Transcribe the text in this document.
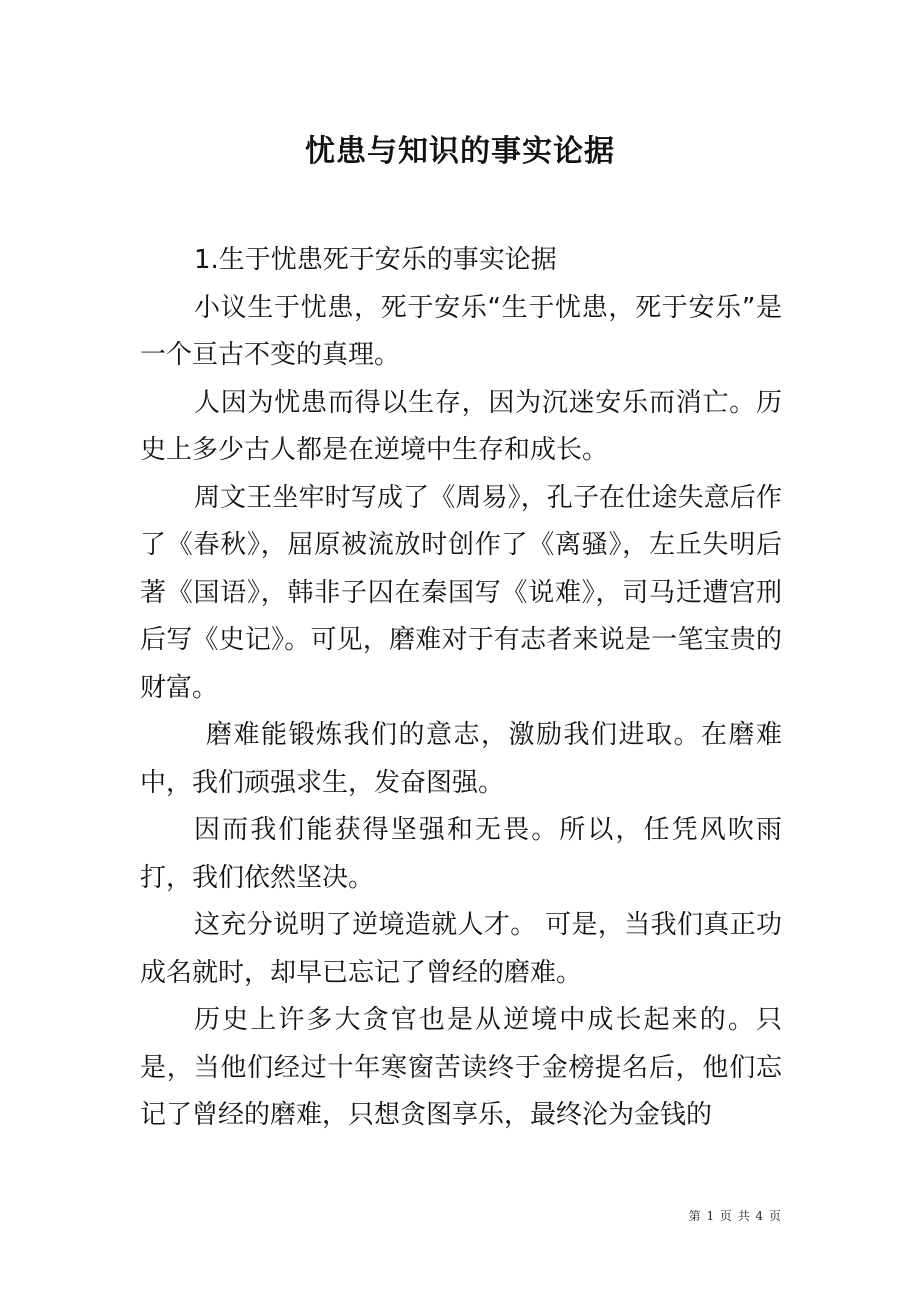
忧患与知识的事实论据

1.生于忧患死于安乐的事实论据

小议生于忧患，死于安乐“生于忧患，死于安乐”是一个亘古不变的真理。

人因为忧患而得以生存，因为沉迷安乐而消亡。历史上多少古人都是在逆境中生存和成长。

周文王坐牢时写成了《周易》，孔子在仕途失意后作了《春秋》，屈原被流放时创作了《离骚》，左丘失明后著《国语》，韩非子囚在秦国写《说难》，司马迁遭宫刑后写《史记》。可见，磨难对于有志者来说是一笔宝贵的财富。

磨难能锻炼我们的意志，激励我们进取。在磨难中，我们顽强求生，发奋图强。

因而我们能获得坚强和无畏。所以，任凭风吹雨打，我们依然坚决。

这充分说明了逆境造就人才。 可是，当我们真正功成名就时，却早已忘记了曾经的磨难。

历史上许多大贪官也是从逆境中成长起来的。只是，当他们经过十年寒窗苦读终于金榜提名后，他们忘记了曾经的磨难，只想贪图享乐，最终沦为金钱的

第 1 页 共 4 页
